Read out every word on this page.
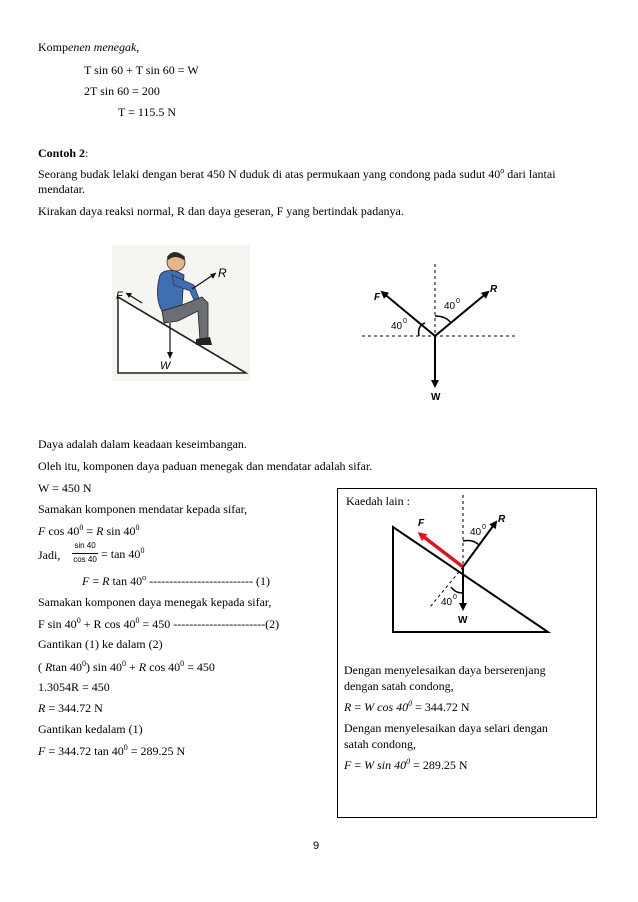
Kompenen menegak,
T sin 60 + T sin 60 = W
2T sin 60 = 200
T = 115.5 N
Contoh 2:
Seorang budak lelaki dengan berat 450 N duduk di atas permukaan yang condong pada sudut 40$^o$ dari lantai
mendatar.
Kirakan daya reaksi normal, R dan daya geseran, F yang bertindak padanya.
F
R
W
F
R
W
40 0
40 0
Daya adalah dalam keadaan keseimbangan.
Oleh itu, komponen daya paduan menegak dan mendatar adalah sifar.
W = 450 N
Samakan komponen mendatar kepada sifar,
F $\cos 40^0 = R$ $\sin 40^0$
Jadi,
sin 40
$\cos 40 = \tan 40^0$
F = R tan 40$^o$ -------------------------- (1)
Samakan komponen daya menegak kepada sifar,
F $\sin 40^0 + R$ $\cos 40^0 = 450$ -----------------------(2)
Gantikan (1) ke dalam (2)
( Rtan $40^0$) $\sin 40^0 + R$ $\cos 40^0 = 450$
1.3054R = 450
R = 344.72 N
Gantikan kedalam (1)
F = 344.72 $\tan 40^0 = 289.25$ N
Kaedah lain :
F	R
W
40 0
40 0
Dengan menyelesaikan daya berserenjang
dengan satah condong,
R = W $\cos 40^0 = 344.72$ N
Dengan menyelesaikan daya selari dengan
satah condong,
F = W $\sin 40^0 = 289.25$ N
9
